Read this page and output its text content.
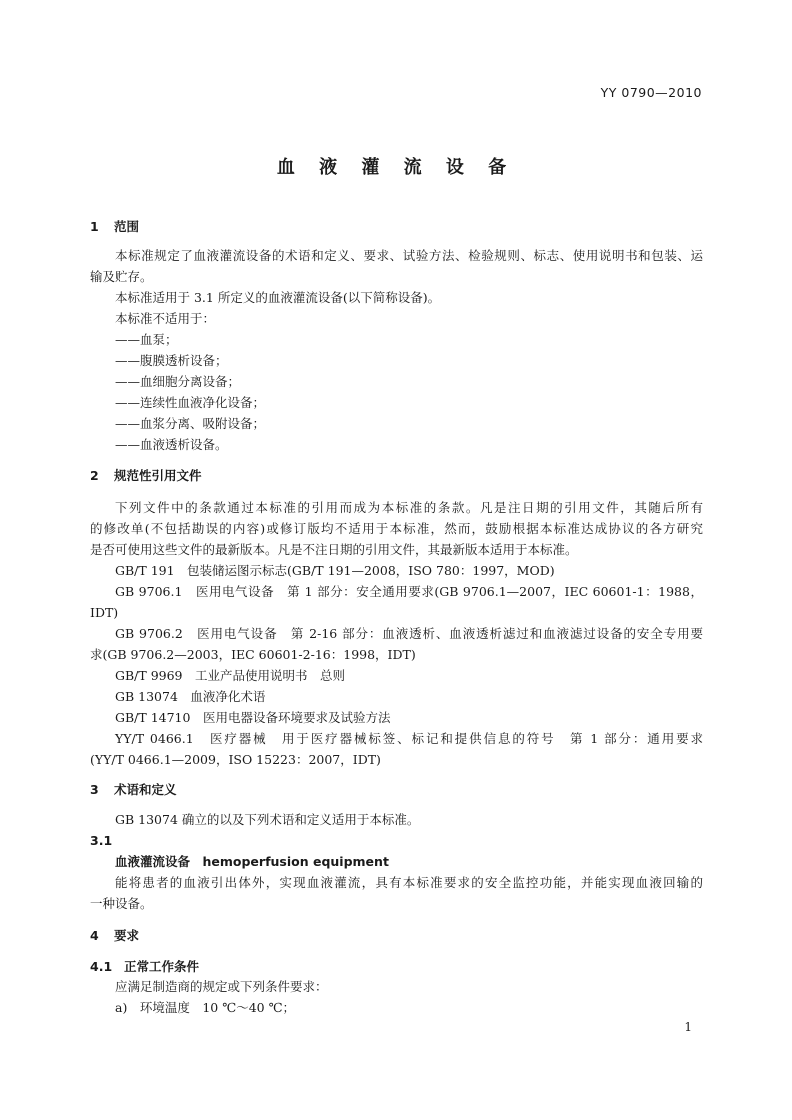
YY 0790—2010
血 液 灌 流 设 备
1 范围
本标准规定了血液灌流设备的术语和定义、要求、试验方法、检验规则、标志、使用说明书和包装、运
输及贮存。
本标准适用于 3.1 所定义的血液灌流设备(以下简称设备)。
本标准不适用于：
——血泵；
——腹膜透析设备；
——血细胞分离设备；
——连续性血液净化设备；
——血浆分离、吸附设备；
——血液透析设备。
2 规范性引用文件
下列文件中的条款通过本标准的引用而成为本标准的条款。凡是注日期的引用文件，其随后所有
的修改单(不包括勘误的内容)或修订版均不适用于本标准，然而，鼓励根据本标准达成协议的各方研究
是否可使用这些文件的最新版本。凡是不注日期的引用文件，其最新版本适用于本标准。
GB/T 191　包装储运图示标志(GB/T 191—2008，ISO 780：1997，MOD)
GB 9706.1　医用电气设备　第 1 部分：安全通用要求(GB 9706.1—2007，IEC 60601-1：1988，
IDT)
GB 9706.2　医用电气设备　第 2-16 部分：血液透析、血液透析滤过和血液滤过设备的安全专用要
求(GB 9706.2—2003，IEC 60601-2-16：1998，IDT)
GB/T 9969　工业产品使用说明书　总则
GB 13074　血液净化术语
GB/T 14710　医用电器设备环境要求及试验方法
YY/T 0466.1　医疗器械　用于医疗器械标签、标记和提供信息的符号　第 1 部分：通用要求
(YY/T 0466.1—2009，ISO 15223：2007，IDT)
3 术语和定义
GB 13074 确立的以及下列术语和定义适用于本标准。
3.1
血液灌流设备　hemoperfusion equipment
能将患者的血液引出体外，实现血液灌流，具有本标准要求的安全监控功能，并能实现血液回输的
一种设备。
4 要求
4.1 正常工作条件
应满足制造商的规定或下列条件要求：
a)　环境温度　10 ℃～40 ℃；
1
